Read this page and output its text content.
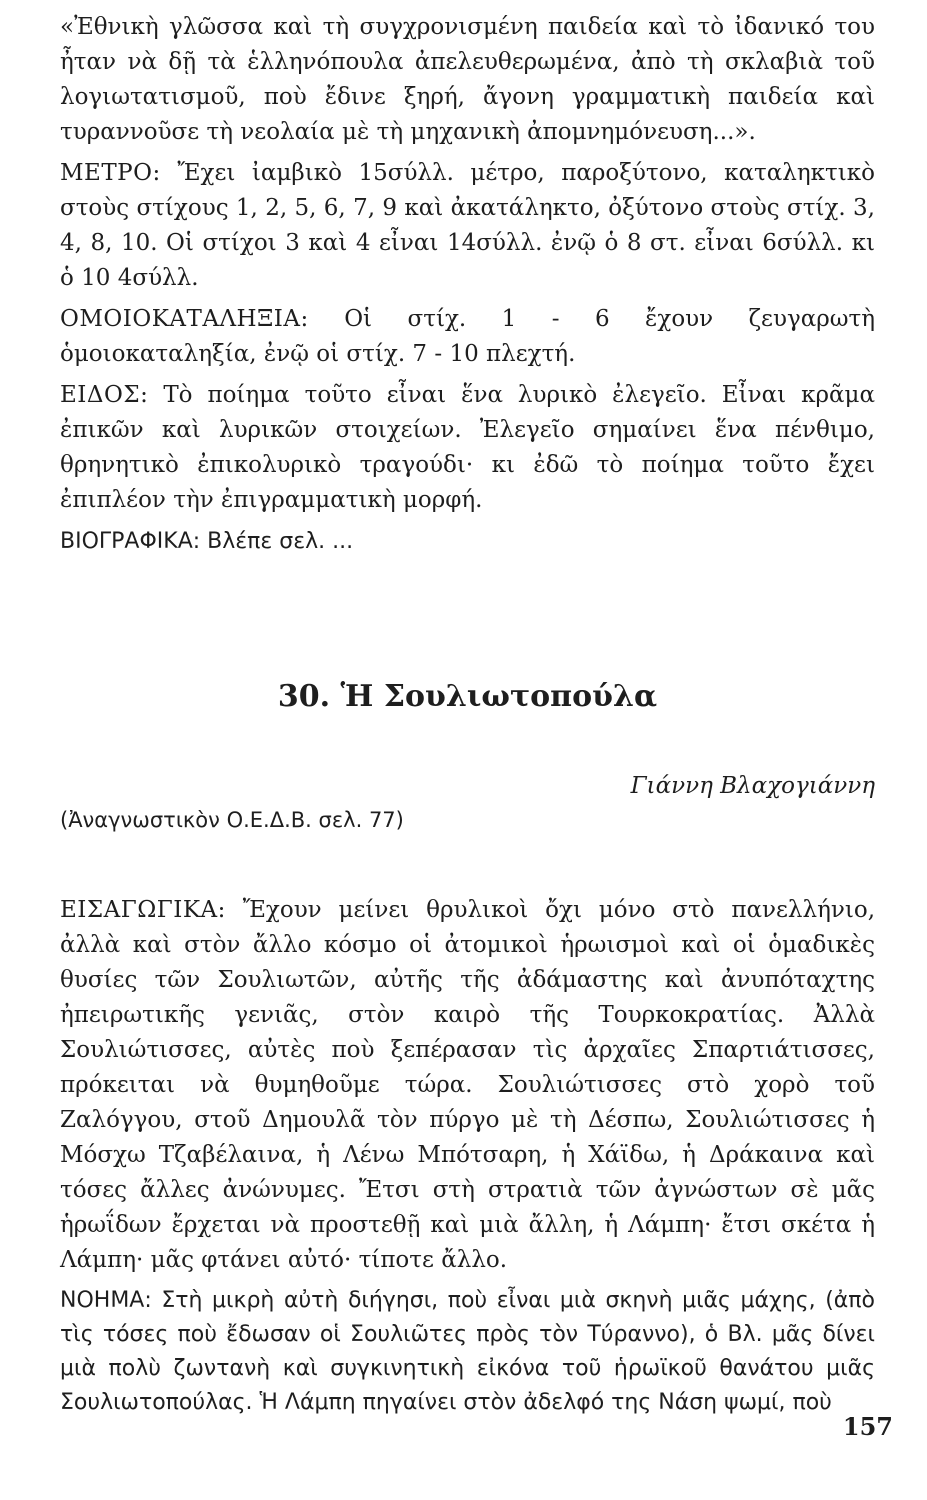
«Ἐθνικὴ γλῶσσα καὶ τὴ συγχρονισμένη παιδεία καὶ τὸ ἰδανικό του ἦταν νὰ δῇ τὰ ἑλληνόπουλα ἀπελευθερωμένα, ἀπὸ τὴ σκλαβιὰ τοῦ λογιωτατισμοῦ, ποὺ ἔδινε ξηρή, ἄγονη γραμματικὴ παιδεία καὶ τυραννοῦσε τὴ νεολαία μὲ τὴ μηχανικὴ ἀπομνημόνευση...».

ΜΕΤΡΟ: Ἔχει ἰαμβικὸ 15σύλλ. μέτρο, παροξύτονο, καταληκτικὸ στοὺς στίχους 1, 2, 5, 6, 7, 9 καὶ ἀκατάληκτο, ὀξύτονο στοὺς στίχ. 3, 4, 8, 10. Οἱ στίχοι 3 καὶ 4 εἶναι 14σύλλ. ἐνῷ ὁ 8 στ. εἶναι 6σύλλ. κι ὁ 10 4σύλλ.

ΟΜΟΙΟΚΑΤΑΛΗΞΙΑ: Οἱ στίχ. 1 - 6 ἔχουν ζευγαρωτὴ ὁμοιοκαταληξία, ἐνῷ οἱ στίχ. 7 - 10 πλεχτή.

ΕΙΔΟΣ: Τὸ ποίημα τοῦτο εἶναι ἕνα λυρικὸ ἐλεγεῖο. Εἶναι κρᾶμα ἐπικῶν καὶ λυρικῶν στοιχείων. Ἐλεγεῖο σημαίνει ἕνα πένθιμο, θρηνητικὸ ἐπικολυρικὸ τραγούδι· κι ἐδῶ τὸ ποίημα τοῦτο ἔχει ἐπιπλέον τὴν ἐπιγραμματικὴ μορφή.

ΒΙΟΓΡΑΦΙΚΑ: Βλέπε σελ. ...

30. Ἡ Σουλιωτοπούλα

Γιάννη Βλαχογιάννη

(Ἀναγνωστικὸν Ο.Ε.Δ.Β. σελ. 77)

ΕΙΣΑΓΩΓΙΚΑ: Ἔχουν μείνει θρυλικοὶ ὄχι μόνο στὸ πανελλήνιο, ἀλλὰ καὶ στὸν ἄλλο κόσμο οἱ ἀτομικοὶ ἡρωισμοὶ καὶ οἱ ὁμαδικὲς θυσίες τῶν Σουλιωτῶν, αὐτῆς τῆς ἀδάμαστης καὶ ἀνυπόταχτης ἠπειρωτικῆς γενιᾶς, στὸν καιρὸ τῆς Τουρκοκρατίας. Ἀλλὰ Σουλιώτισσες, αὐτὲς ποὺ ξεπέρασαν τὶς ἀρχαῖες Σπαρτιάτισσες, πρόκειται νὰ θυμηθοῦμε τώρα. Σουλιώτισσες στὸ χορὸ τοῦ Ζαλόγγου, στοῦ Δημουλᾶ τὸν πύργο μὲ τὴ Δέσπω, Σουλιώτισσες ἡ Μόσχω Τζαβέλαινα, ἡ Λένω Μπότσαρη, ἡ Χάϊδω, ἡ Δράκαινα καὶ τόσες ἄλλες ἀνώνυμες. Ἔτσι στὴ στρατιὰ τῶν ἀγνώστων σὲ μᾶς ἡρωΐδων ἔρχεται νὰ προστεθῇ καὶ μιὰ ἄλλη, ἡ Λάμπη· ἔτσι σκέτα ἡ Λάμπη· μᾶς φτάνει αὐτό· τίποτε ἄλλο.

ΝΟΗΜΑ: Στὴ μικρὴ αὐτὴ διήγησι, ποὺ εἶναι μιὰ σκηνὴ μιᾶς μάχης, (ἀπὸ τὶς τόσες ποὺ ἔδωσαν οἱ Σουλιῶτες πρὸς τὸν Τύραννο), ὁ Βλ. μᾶς δίνει μιὰ πολὺ ζωντανὴ καὶ συγκινητικὴ εἰκόνα τοῦ ἡρωϊκοῦ θανάτου μιᾶς Σουλιωτοπούλας. Ἡ Λάμπη πηγαίνει στὸν ἀδελφό της Νάση ψωμί, ποὺ

157
